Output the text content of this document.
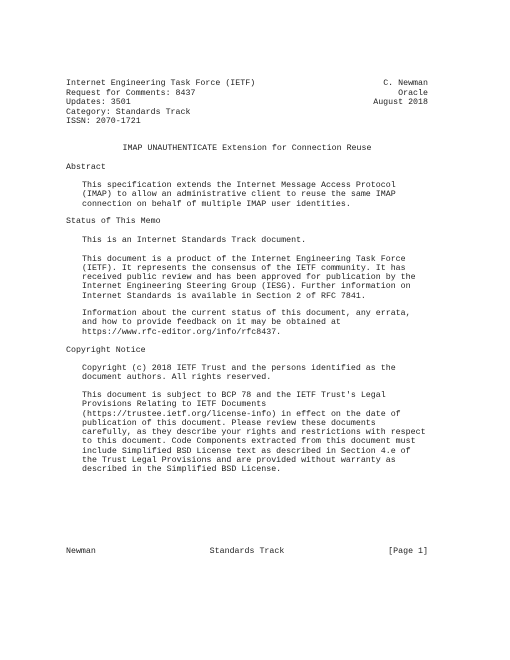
Internet Engineering Task Force (IETF)
Request for Comments: 8437
Updates: 3501
Category: Standards Track
ISSN: 2070-1721
C. Newman
Oracle
August 2018
IMAP UNAUTHENTICATE Extension for Connection Reuse
Abstract
This specification extends the Internet Message Access Protocol
(IMAP) to allow an administrative client to reuse the same IMAP
connection on behalf of multiple IMAP user identities.
Status of This Memo
This is an Internet Standards Track document.
This document is a product of the Internet Engineering Task Force
(IETF). It represents the consensus of the IETF community. It has
received public review and has been approved for publication by the
Internet Engineering Steering Group (IESG). Further information on
Internet Standards is available in Section 2 of RFC 7841.
Information about the current status of this document, any errata,
and how to provide feedback on it may be obtained at
https://www.rfc-editor.org/info/rfc8437.
Copyright Notice
Copyright (c) 2018 IETF Trust and the persons identified as the
document authors. All rights reserved.
This document is subject to BCP 78 and the IETF Trust's Legal
Provisions Relating to IETF Documents
(https://trustee.ietf.org/license-info) in effect on the date of
publication of this document. Please review these documents
carefully, as they describe your rights and restrictions with respect
to this document. Code Components extracted from this document must
include Simplified BSD License text as described in Section 4.e of
the Trust Legal Provisions and are provided without warranty as
described in the Simplified BSD License.
Newman	Standards Track	[Page 1]
